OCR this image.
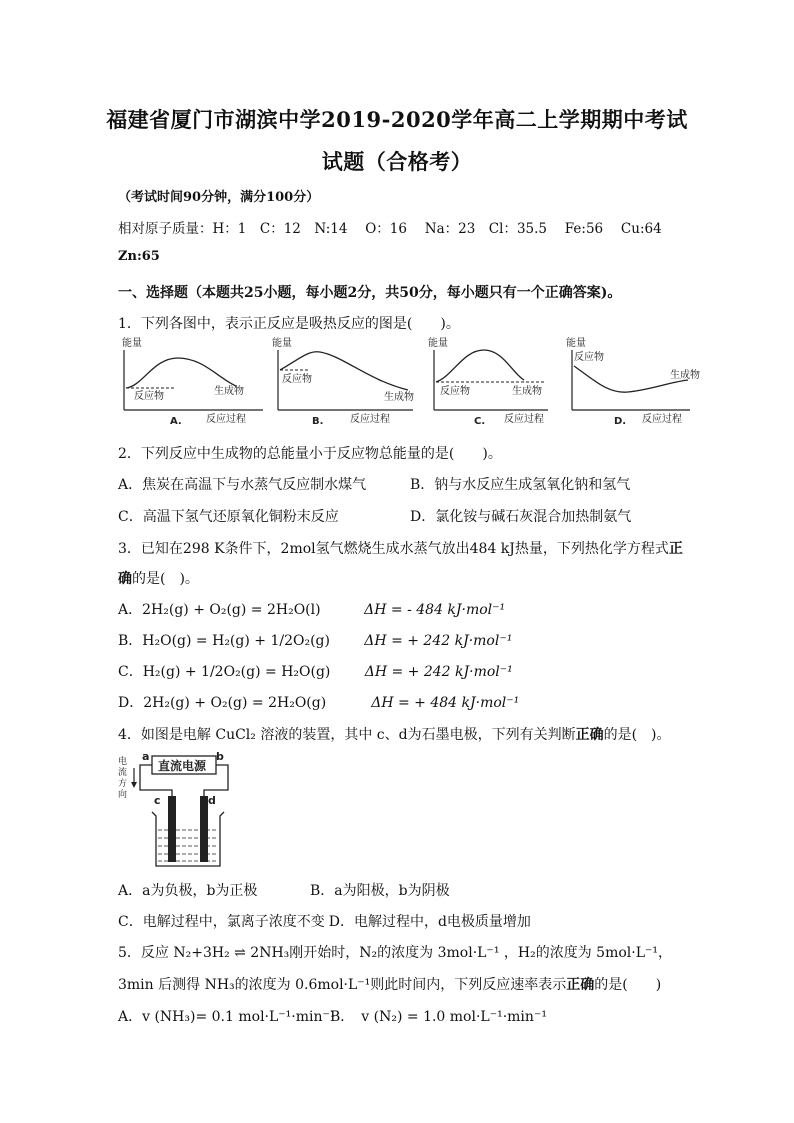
福建省厦门市湖滨中学2019-2020学年高二上学期期中考试
试题（合格考）
（考试时间90分钟，满分100分）
相对原子质量：H：1　C：12　N:14　 O：16　 Na：23　Cl：35.5　 Fe:56　 Cu:64
Zn:65
一、选择题（本题共25小题，每小题2分，共50分，每小题只有一个正确答案)。
1．下列各图中，表示正反应是吸热反应的图是(　　)。
能量
反应物	生成物
A. 反应过程
能量
反应物
生成物
B.	反应过程
能量
反应物	生成物
C. 反应过程
能量
反应物
生成物
D. 反应过程
2．下列反应中生成物的总能量小于反应物总能量的是(　　)。
A．焦炭在高温下与水蒸气反应制水煤气	B．钠与水反应生成氢氧化钠和氢气
C．高温下氢气还原氧化铜粉末反应	D．氯化铵与碱石灰混合加热制氨气
3．已知在298 K条件下，2mol氢气燃烧生成水蒸气放出484 kJ热量，下列热化学方程式正
确的是(　)。
A．2H₂(g) + O₂(g) = 2H₂O(l)	ΔH = - 484 kJ·mol⁻¹
B．H₂O(g) = H₂(g) + 1/2O₂(g) ΔH = + 242 kJ·mol⁻¹
C．H₂(g) + 1/2O₂(g) = H₂O(g) ΔH = + 242 kJ·mol⁻¹
D．2H₂(g) + O₂(g) = 2H₂O(g)	ΔH = + 484 kJ·mol⁻¹
4．如图是电解 CuCl₂ 溶液的装置，其中 c、d为石墨电极，下列有关判断正确的是(　)。
电
流
方
向
a	b
直流电源
c	d
A．a为负极，b为正极	B．a为阳极，b为阴极
C．电解过程中，氯离子浓度不变 D．电解过程中，d电极质量增加
5．反应 N₂+3H₂ ⇌ 2NH₃刚开始时，N₂的浓度为 3mol·L⁻¹ ，H₂的浓度为 5mol·L⁻¹，
3min 后测得 NH₃的浓度为 0.6mol·L⁻¹则此时间内，下列反应速率表示正确的是(　　)
A．v (NH₃)= 0.1 mol·L⁻¹·min⁻¹B．　v (N₂) = 1.0 mol·L⁻¹·min⁻¹
